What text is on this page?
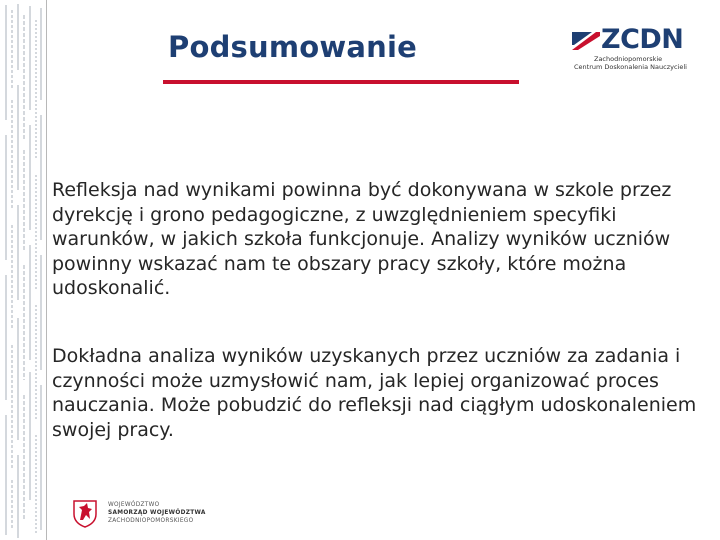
Podsumowanie	ZCDN
Zachodniopomorskie
Centrum Doskonalenia Nauczycieli
Refleksja nad wynikami powinna być dokonywana w szkole przez dyrekcję i grono pedagogiczne, z uwzględnieniem specyfiki warunków, w jakich szkoła funkcjonuje. Analizy wyników uczniów powinny wskazać nam te obszary pracy szkoły, które można udoskonalić.
Dokładna analiza wyników uzyskanych przez uczniów za zadania i czynności może uzmysłowić nam, jak lepiej organizować proces nauczania. Może pobudzić do refleksji nad ciągłym udoskonaleniem swojej pracy.
WOJEWÓDZTWO
SAMORZĄD WOJEWÓDZTWA
ZACHODNIOPOMORSKIEGO
